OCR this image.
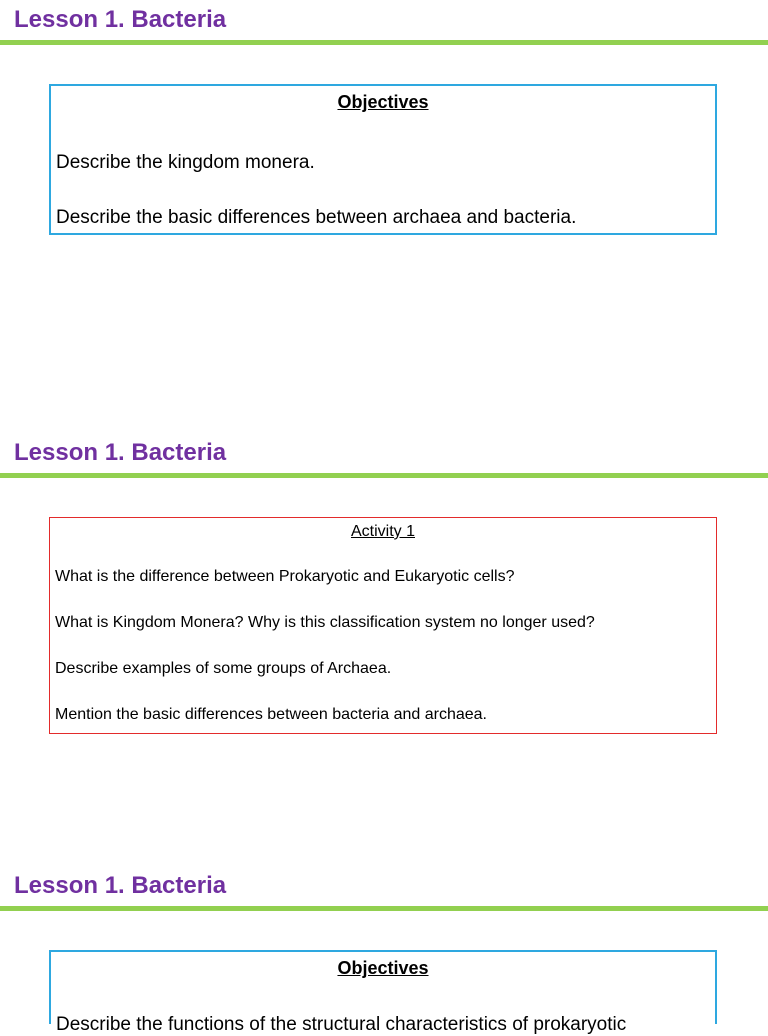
Lesson 1. Bacteria
Objectives
Describe the kingdom monera.
Describe the basic differences between archaea and bacteria.
Lesson 1. Bacteria
Activity 1
What is the difference between Prokaryotic and Eukaryotic cells?
What is Kingdom Monera? Why is this classification system no longer used?
Describe examples of some groups of Archaea.
Mention the basic differences between bacteria and archaea.
Lesson 1. Bacteria
Objectives
Describe the functions of the structural characteristics of prokaryotic
